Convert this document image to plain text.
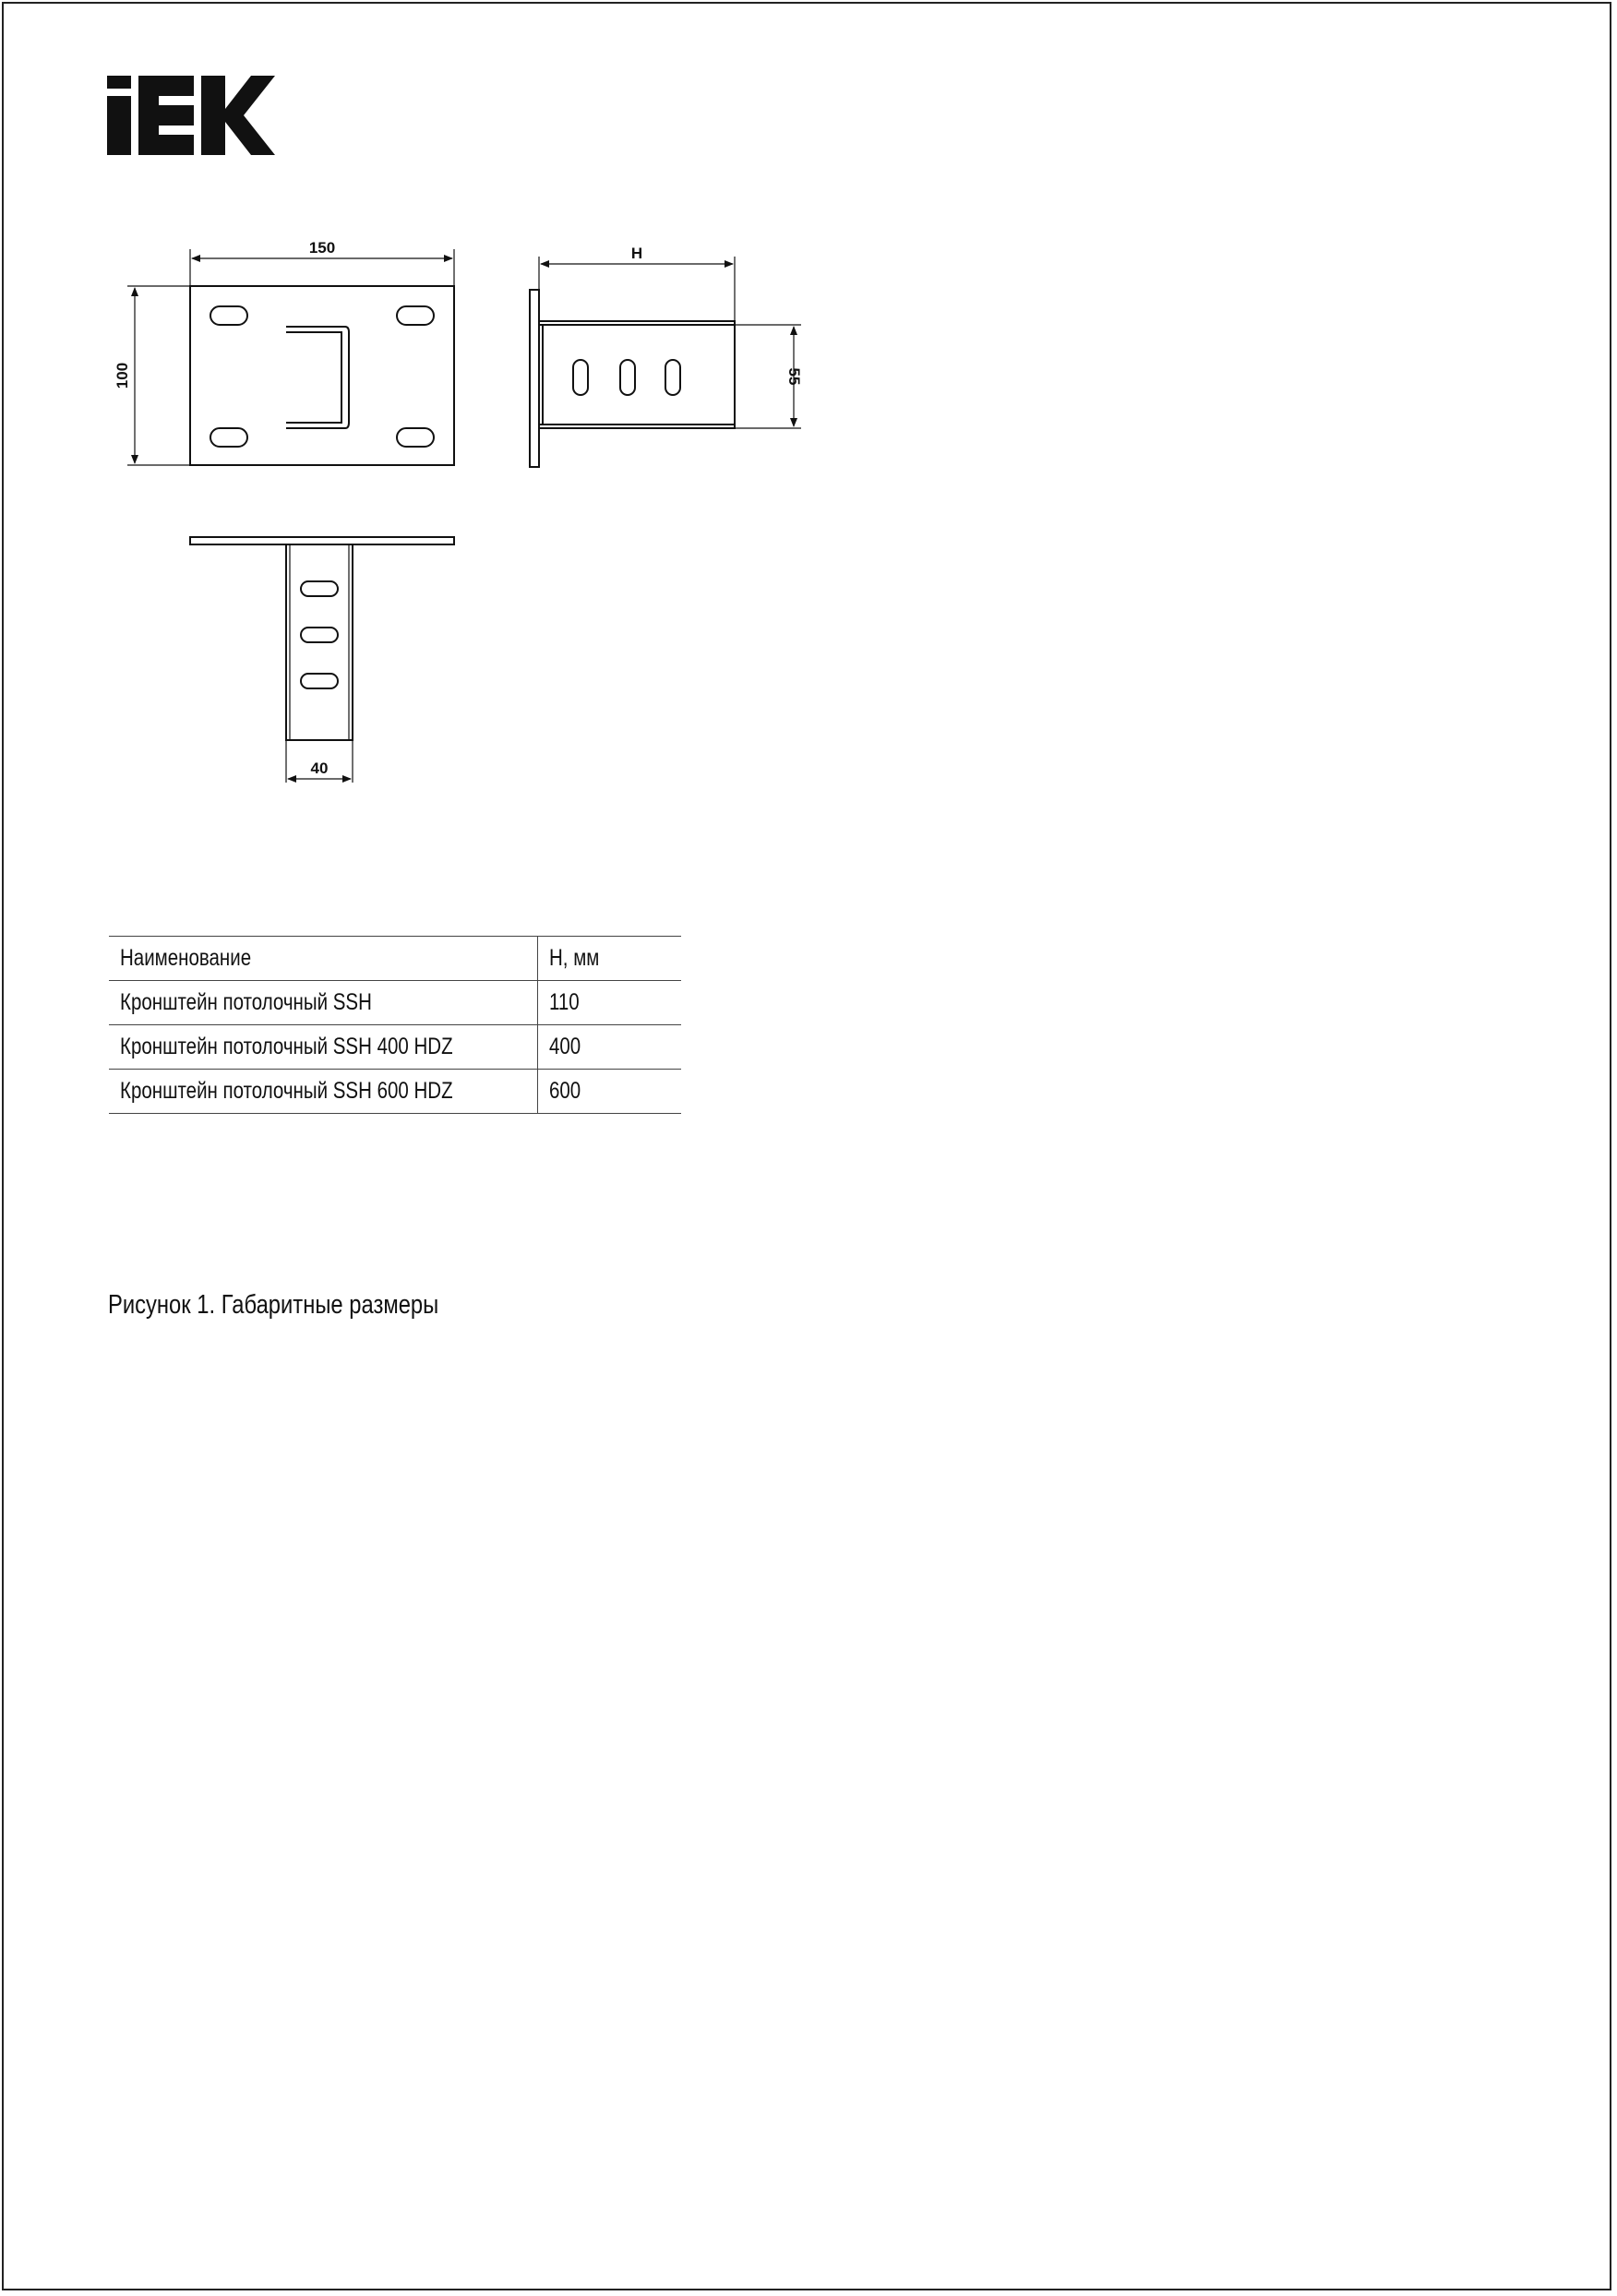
150
100
H
55
40
Наименование	H, мм
Кронштейн потолочный SSH	110
Кронштейн потолочный SSH 400 HDZ	400
Кронштейн потолочный SSH 600 HDZ	600
Рисунок 1. Габаритные размеры
